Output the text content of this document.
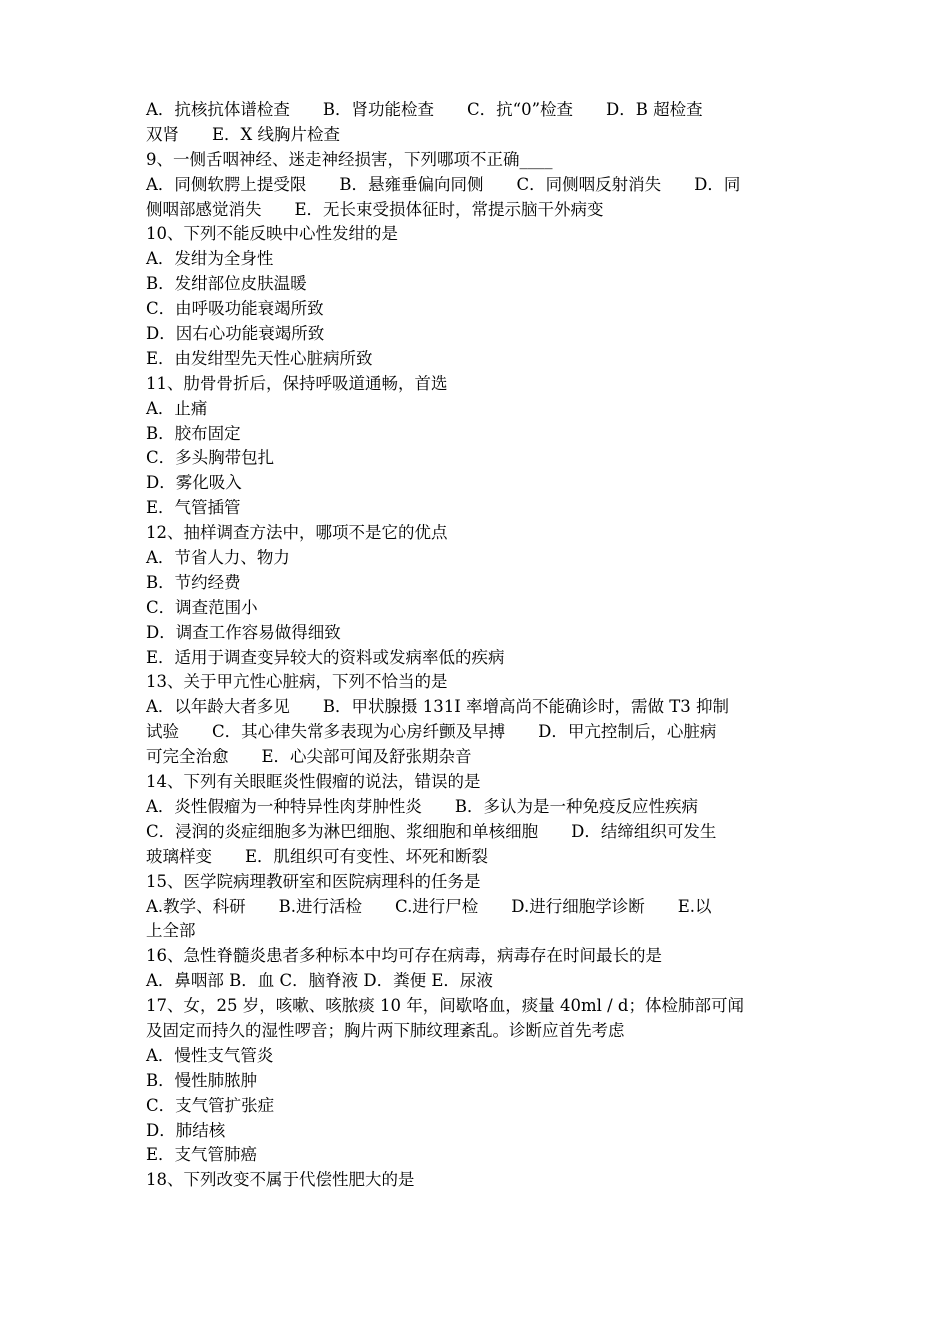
A．抗核抗体谱检查　　B．肾功能检查　　C．抗“0”检查　　D．B 超检查
双肾　　E．X 线胸片检查
9、一侧舌咽神经、迷走神经损害，下列哪项不正确____
A．同侧软腭上提受限　　B．悬雍垂偏向同侧　　C．同侧咽反射消失　　D．同
侧咽部感觉消失　　E．无长束受损体征时，常提示脑干外病变
10、下列不能反映中心性发绀的是
A．发绀为全身性
B．发绀部位皮肤温暖
C．由呼吸功能衰竭所致
D．因右心功能衰竭所致
E．由发绀型先天性心脏病所致
11、肋骨骨折后，保持呼吸道通畅，首选
A．止痛
B．胶布固定
C．多头胸带包扎
D．雾化吸入
E．气管插管
12、抽样调查方法中，哪项不是它的优点
A．节省人力、物力
B．节约经费
C．调查范围小
D．调查工作容易做得细致
E．适用于调查变异较大的资料或发病率低的疾病
13、关于甲亢性心脏病，下列不恰当的是
A．以年龄大者多见　　B．甲状腺摄 131I 率增高尚不能确诊时，需做 T3 抑制
试验　　C．其心律失常多表现为心房纤颤及早搏　　D．甲亢控制后，心脏病
可完全治愈　　E．心尖部可闻及舒张期杂音
14、下列有关眼眶炎性假瘤的说法，错误的是
A．炎性假瘤为一种特异性肉芽肿性炎　　B．多认为是一种免疫反应性疾病
C．浸润的炎症细胞多为淋巴细胞、浆细胞和单核细胞　　D．结缔组织可发生
玻璃样变　　E．肌组织可有变性、坏死和断裂
15、医学院病理教研室和医院病理科的任务是
A.教学、科研　　B.进行活检　　C.进行尸检　　D.进行细胞学诊断　　E.以
上全部
16、急性脊髓炎患者多种标本中均可存在病毒，病毒存在时间最长的是
A．鼻咽部 B．血 C．脑脊液 D．粪便 E．尿液
17、女，25 岁，咳嗽、咳脓痰 10 年，间歇咯血，痰量 40ml / d；体检肺部可闻
及固定而持久的湿性啰音；胸片两下肺纹理紊乱。诊断应首先考虑
A．慢性支气管炎
B．慢性肺脓肿
C．支气管扩张症
D．肺结核
E．支气管肺癌
18、下列改变不属于代偿性肥大的是
